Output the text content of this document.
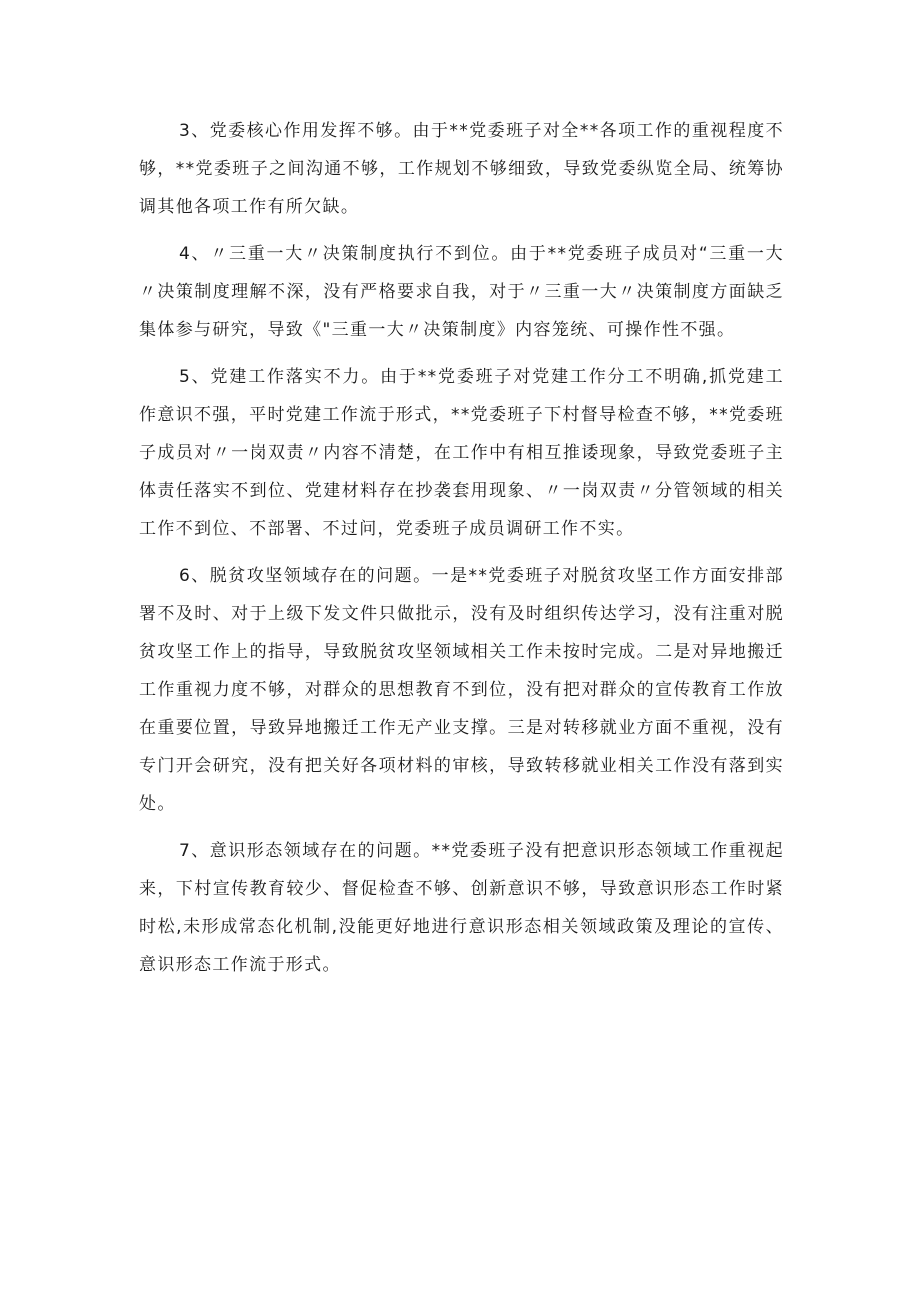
3、党委核心作用发挥不够。由于**党委班子对全**各项工作的重视程度不够，**党委班子之间沟通不够，工作规划不够细致，导致党委纵览全局、统筹协调其他各项工作有所欠缺。

4、〃三重一大〃决策制度执行不到位。由于**党委班子成员对“三重一大〃决策制度理解不深，没有严格要求自我，对于〃三重一大〃决策制度方面缺乏集体参与研究，导致《"三重一大〃决策制度》内容笼统、可操作性不强。

5、党建工作落实不力。由于**党委班子对党建工作分工不明确,抓党建工作意识不强，平时党建工作流于形式，**党委班子下村督导检查不够，**党委班子成员对〃一岗双责〃内容不清楚，在工作中有相互推诿现象，导致党委班子主体责任落实不到位、党建材料存在抄袭套用现象、〃一岗双责〃分管领域的相关工作不到位、不部署、不过问，党委班子成员调研工作不实。

6、脱贫攻坚领域存在的问题。一是**党委班子对脱贫攻坚工作方面安排部署不及时、对于上级下发文件只做批示，没有及时组织传达学习，没有注重对脱贫攻坚工作上的指导，导致脱贫攻坚领域相关工作未按时完成。二是对异地搬迁工作重视力度不够，对群众的思想教育不到位，没有把对群众的宣传教育工作放在重要位置，导致异地搬迁工作无产业支撑。三是对转移就业方面不重视，没有专门开会研究，没有把关好各项材料的审核，导致转移就业相关工作没有落到实处。

7、意识形态领域存在的问题。**党委班子没有把意识形态领域工作重视起来，下村宣传教育较少、督促检查不够、创新意识不够，导致意识形态工作时紧时松,未形成常态化机制,没能更好地进行意识形态相关领域政策及理论的宣传、意识形态工作流于形式。
